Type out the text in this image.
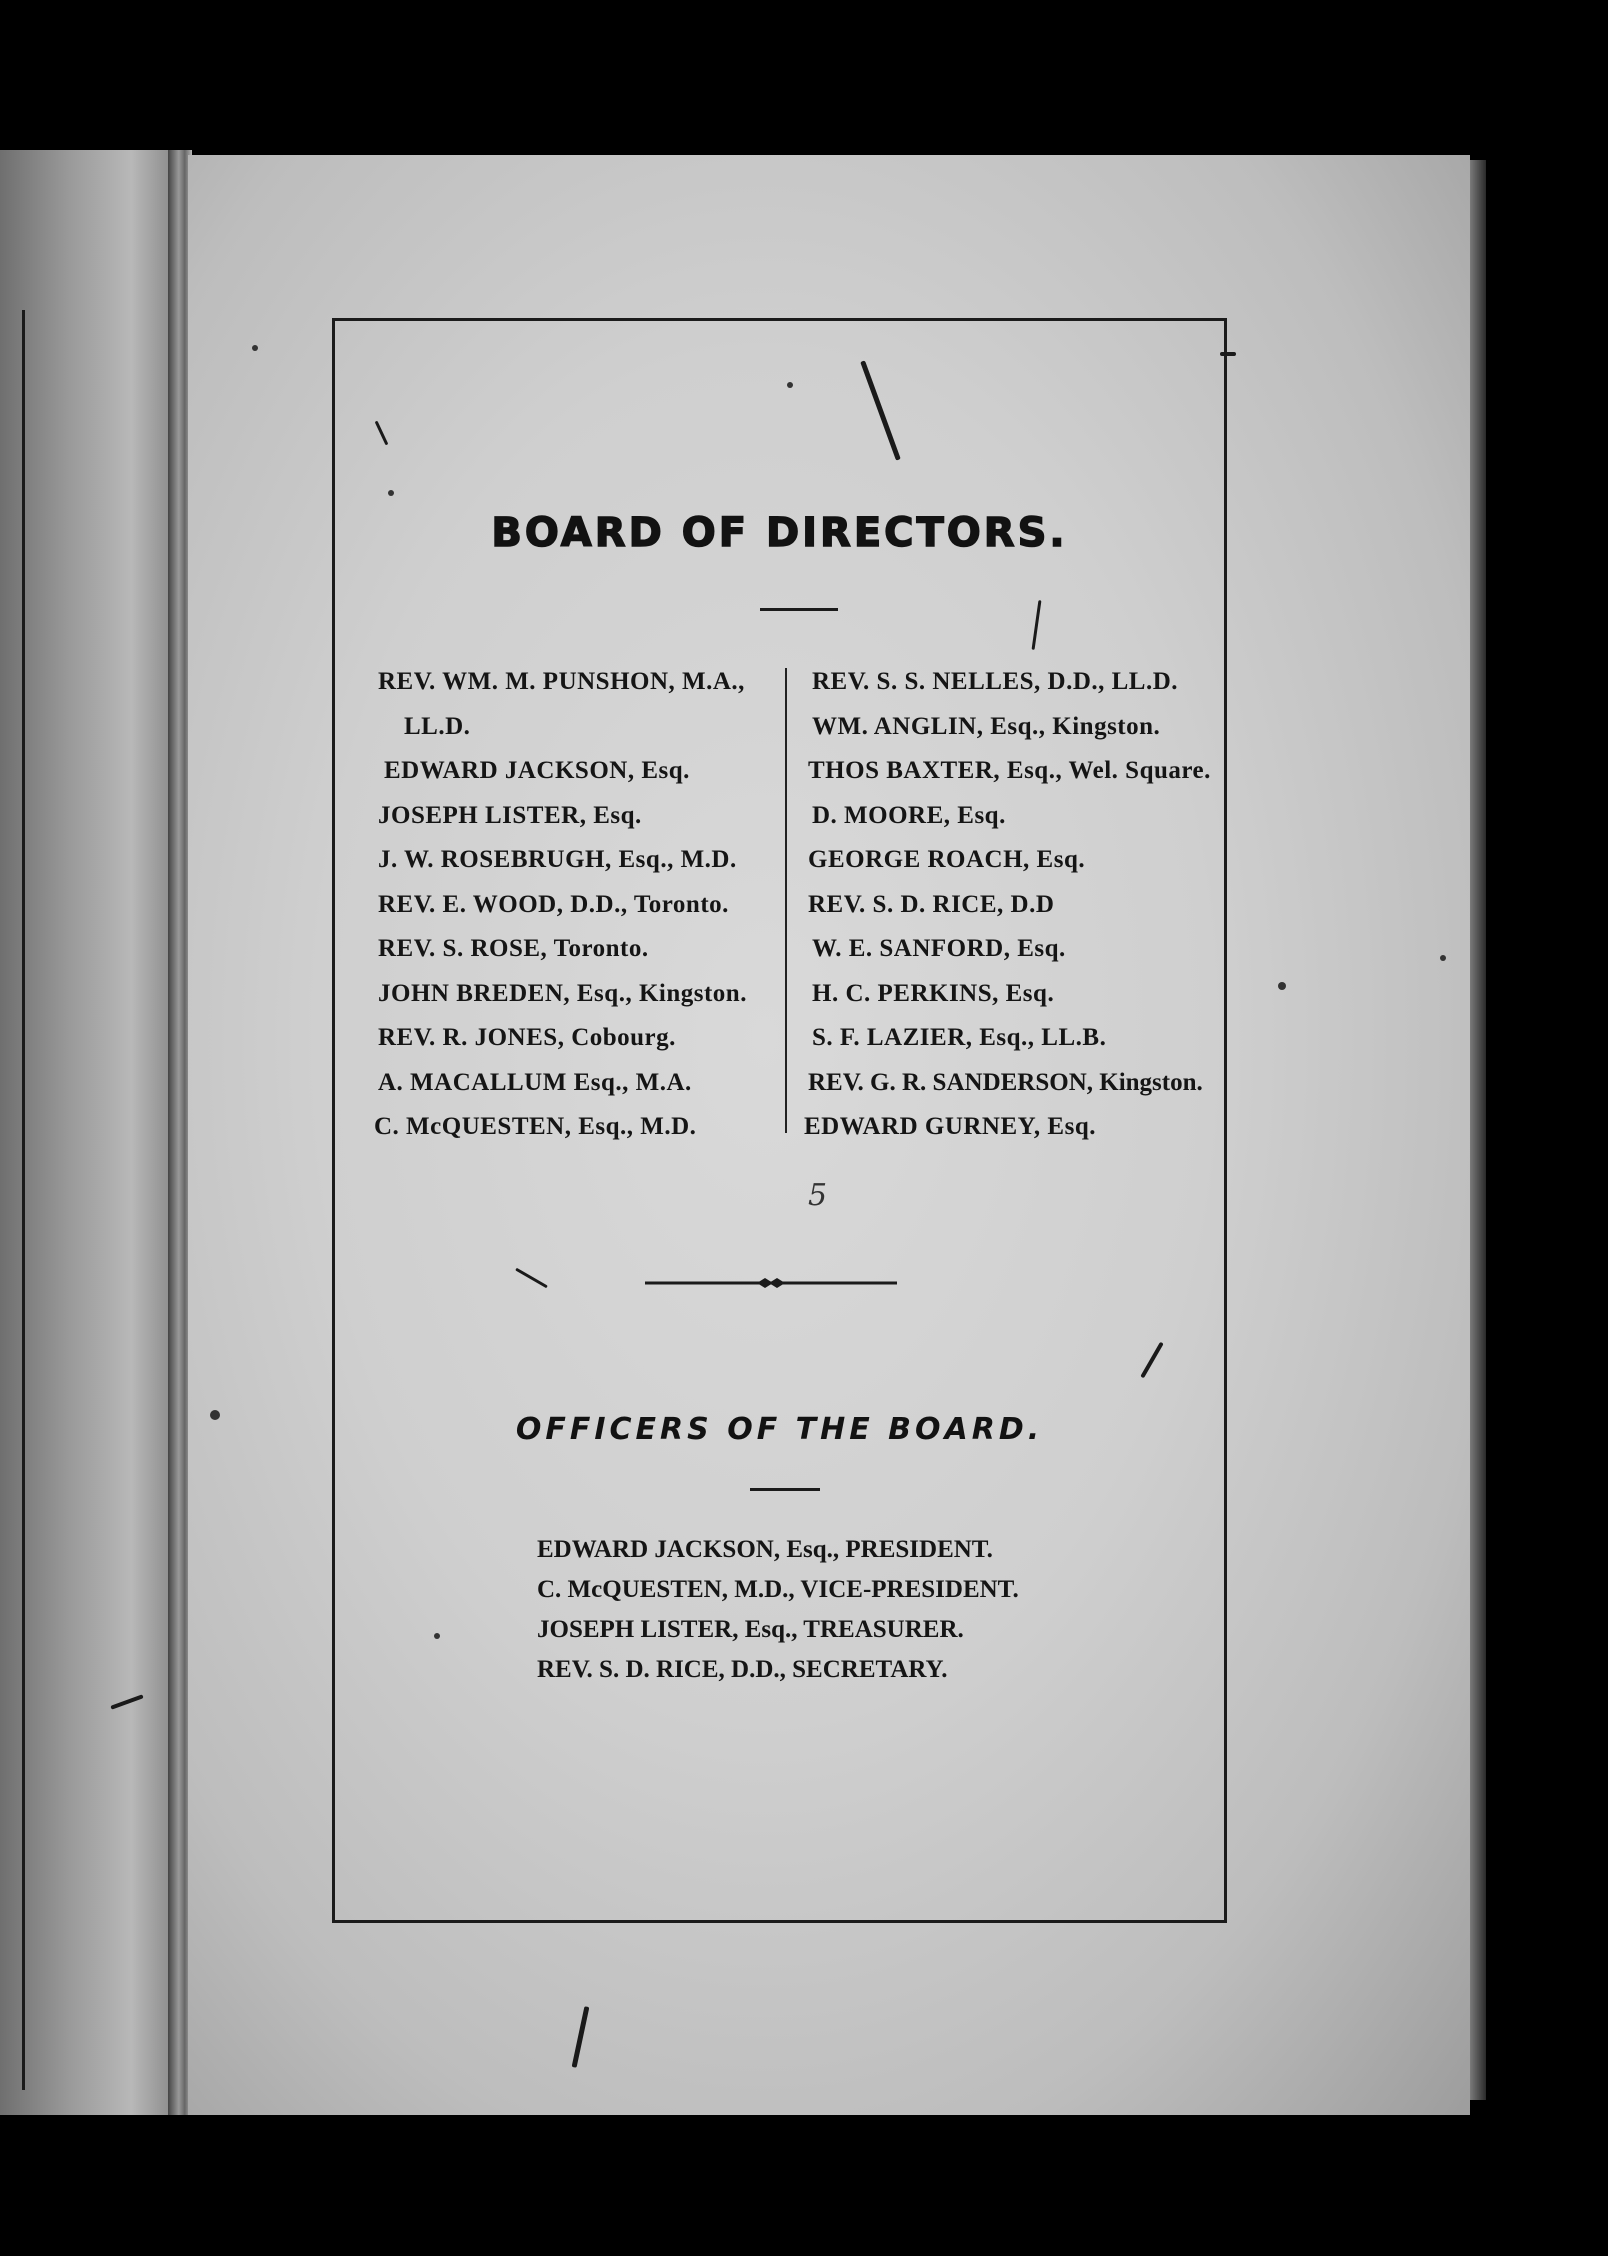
BOARD OF DIRECTORS.
REV. WM. M. PUNSHON, M.A.,
LL.D.
EDWARD JACKSON, Esq.
JOSEPH LISTER, Esq.
J. W. ROSEBRUGH, Esq., M.D.
REV. E. WOOD, D.D., Toronto.
REV. S. ROSE, Toronto.
JOHN BREDEN, Esq., Kingston.
REV. R. JONES, Cobourg.
A. MACALLUM Esq., M.A.
C. McQUESTEN, Esq., M.D.
REV. S. S. NELLES, D.D., LL.D.
WM. ANGLIN, Esq., Kingston.
THOS BAXTER, Esq., Wel. Square.
D. MOORE, Esq.
GEORGE ROACH, Esq.
REV. S. D. RICE, D.D
W. E. SANFORD, Esq.
H. C. PERKINS, Esq.
S. F. LAZIER, Esq., LL.B.
REV. G. R. SANDERSON, Kingston.
EDWARD GURNEY, Esq.
5
OFFICERS OF THE BOARD.
EDWARD JACKSON, Esq., PRESIDENT.
C. McQUESTEN, M.D., VICE-PRESIDENT.
JOSEPH LISTER, Esq., TREASURER.
REV. S. D. RICE, D.D., SECRETARY.
